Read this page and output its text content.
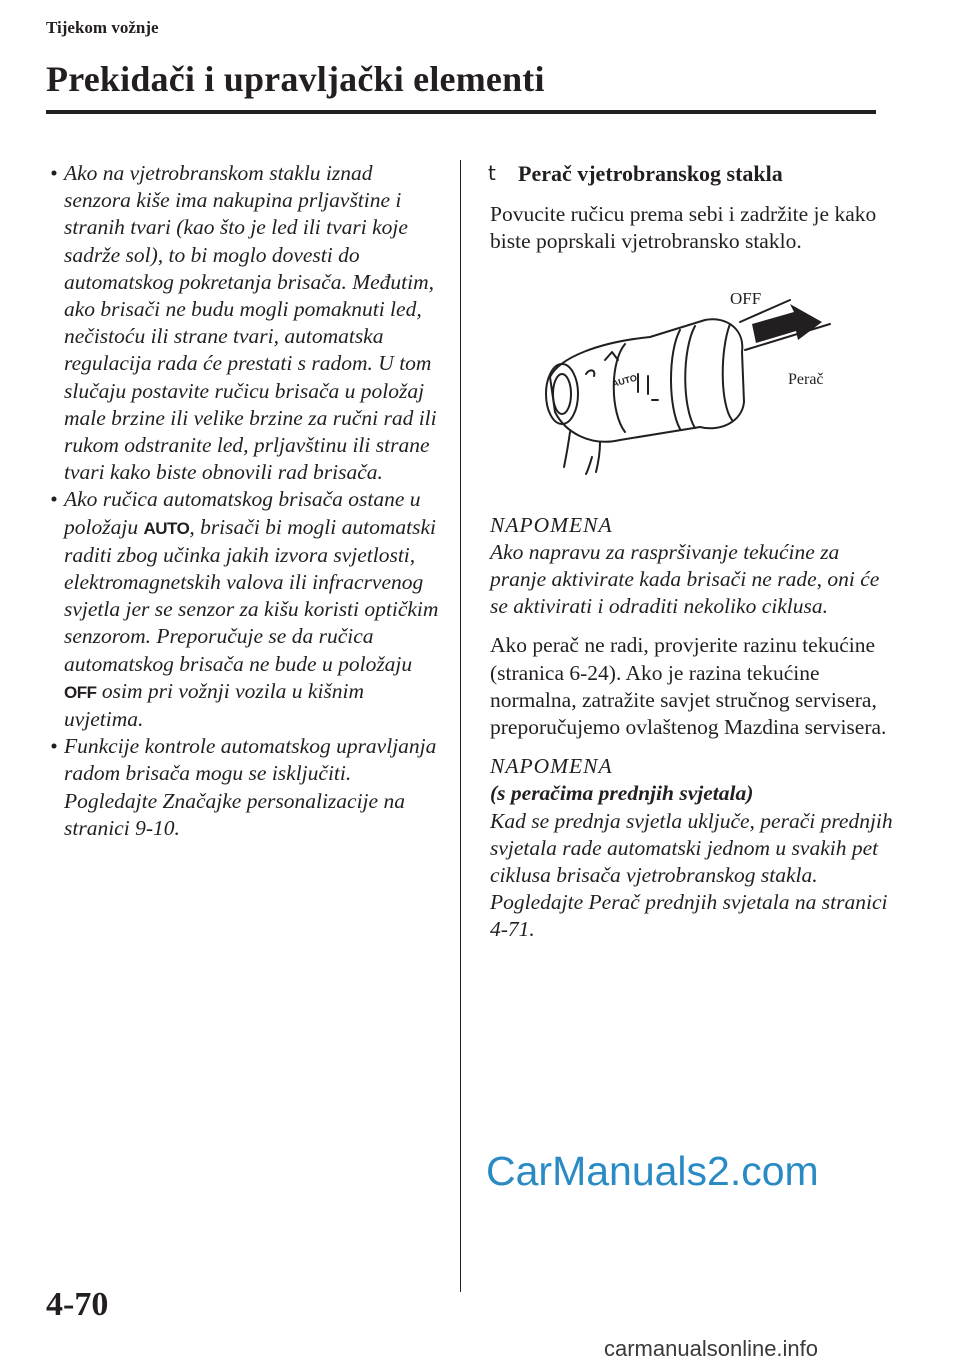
Tijekom vožnje
Prekidači i upravljački elementi
• Ako na vjetrobranskom staklu iznad senzora kiše ima nakupina prljavštine i stranih tvari (kao što je led ili tvari koje sadrže sol), to bi moglo dovesti do automatskog pokretanja brisača. Međutim, ako brisači ne budu mogli pomaknuti led, nečistoću ili strane tvari, automatska regulacija rada će prestati s radom. U tom slučaju postavite ručicu brisača u položaj male brzine ili velike brzine za ručni rad ili rukom odstranite led, prljavštinu ili strane tvari kako biste obnovili rad brisača.
• Ako ručica automatskog brisača ostane u položaju AUTO, brisači bi mogli automatski raditi zbog učinka jakih izvora svjetlosti, elektromagnetskih valova ili infracrvenog svjetla jer se senzor za kišu koristi optičkim senzorom. Preporučuje se da ručica automatskog brisača ne bude u položaju OFF osim pri vožnji vozila u kišnim uvjetima.
• Funkcije kontrole automatskog upravljanja radom brisača mogu se isključiti.
Pogledajte Značajke personalizacije na stranici 9-10.
t	Perač vjetrobranskog stakla
Povucite ručicu prema sebi i zadržite je kako biste poprskali vjetrobransko staklo.
NAPOMENA
Ako napravu za raspršivanje tekućine za pranje aktivirate kada brisači ne rade, oni će se aktivirati i odraditi nekoliko ciklusa.
Ako perač ne radi, provjerite razinu tekućine (stranica 6-24). Ako je razina tekućine normalna, zatražite savjet stručnog servisera, preporučujemo ovlaštenog Mazdina servisera.
NAPOMENA
(s peračima prednjih svjetala)
Kad se prednja svjetla uključe, perači prednjih svjetala rade automatski jednom u svakih pet ciklusa brisača vjetrobranskog stakla.
Pogledajte Perač prednjih svjetala na stranici 4-71.
OFF
Perač
AUTO
CarManuals2.com
4-70
carmanualsonline.info
